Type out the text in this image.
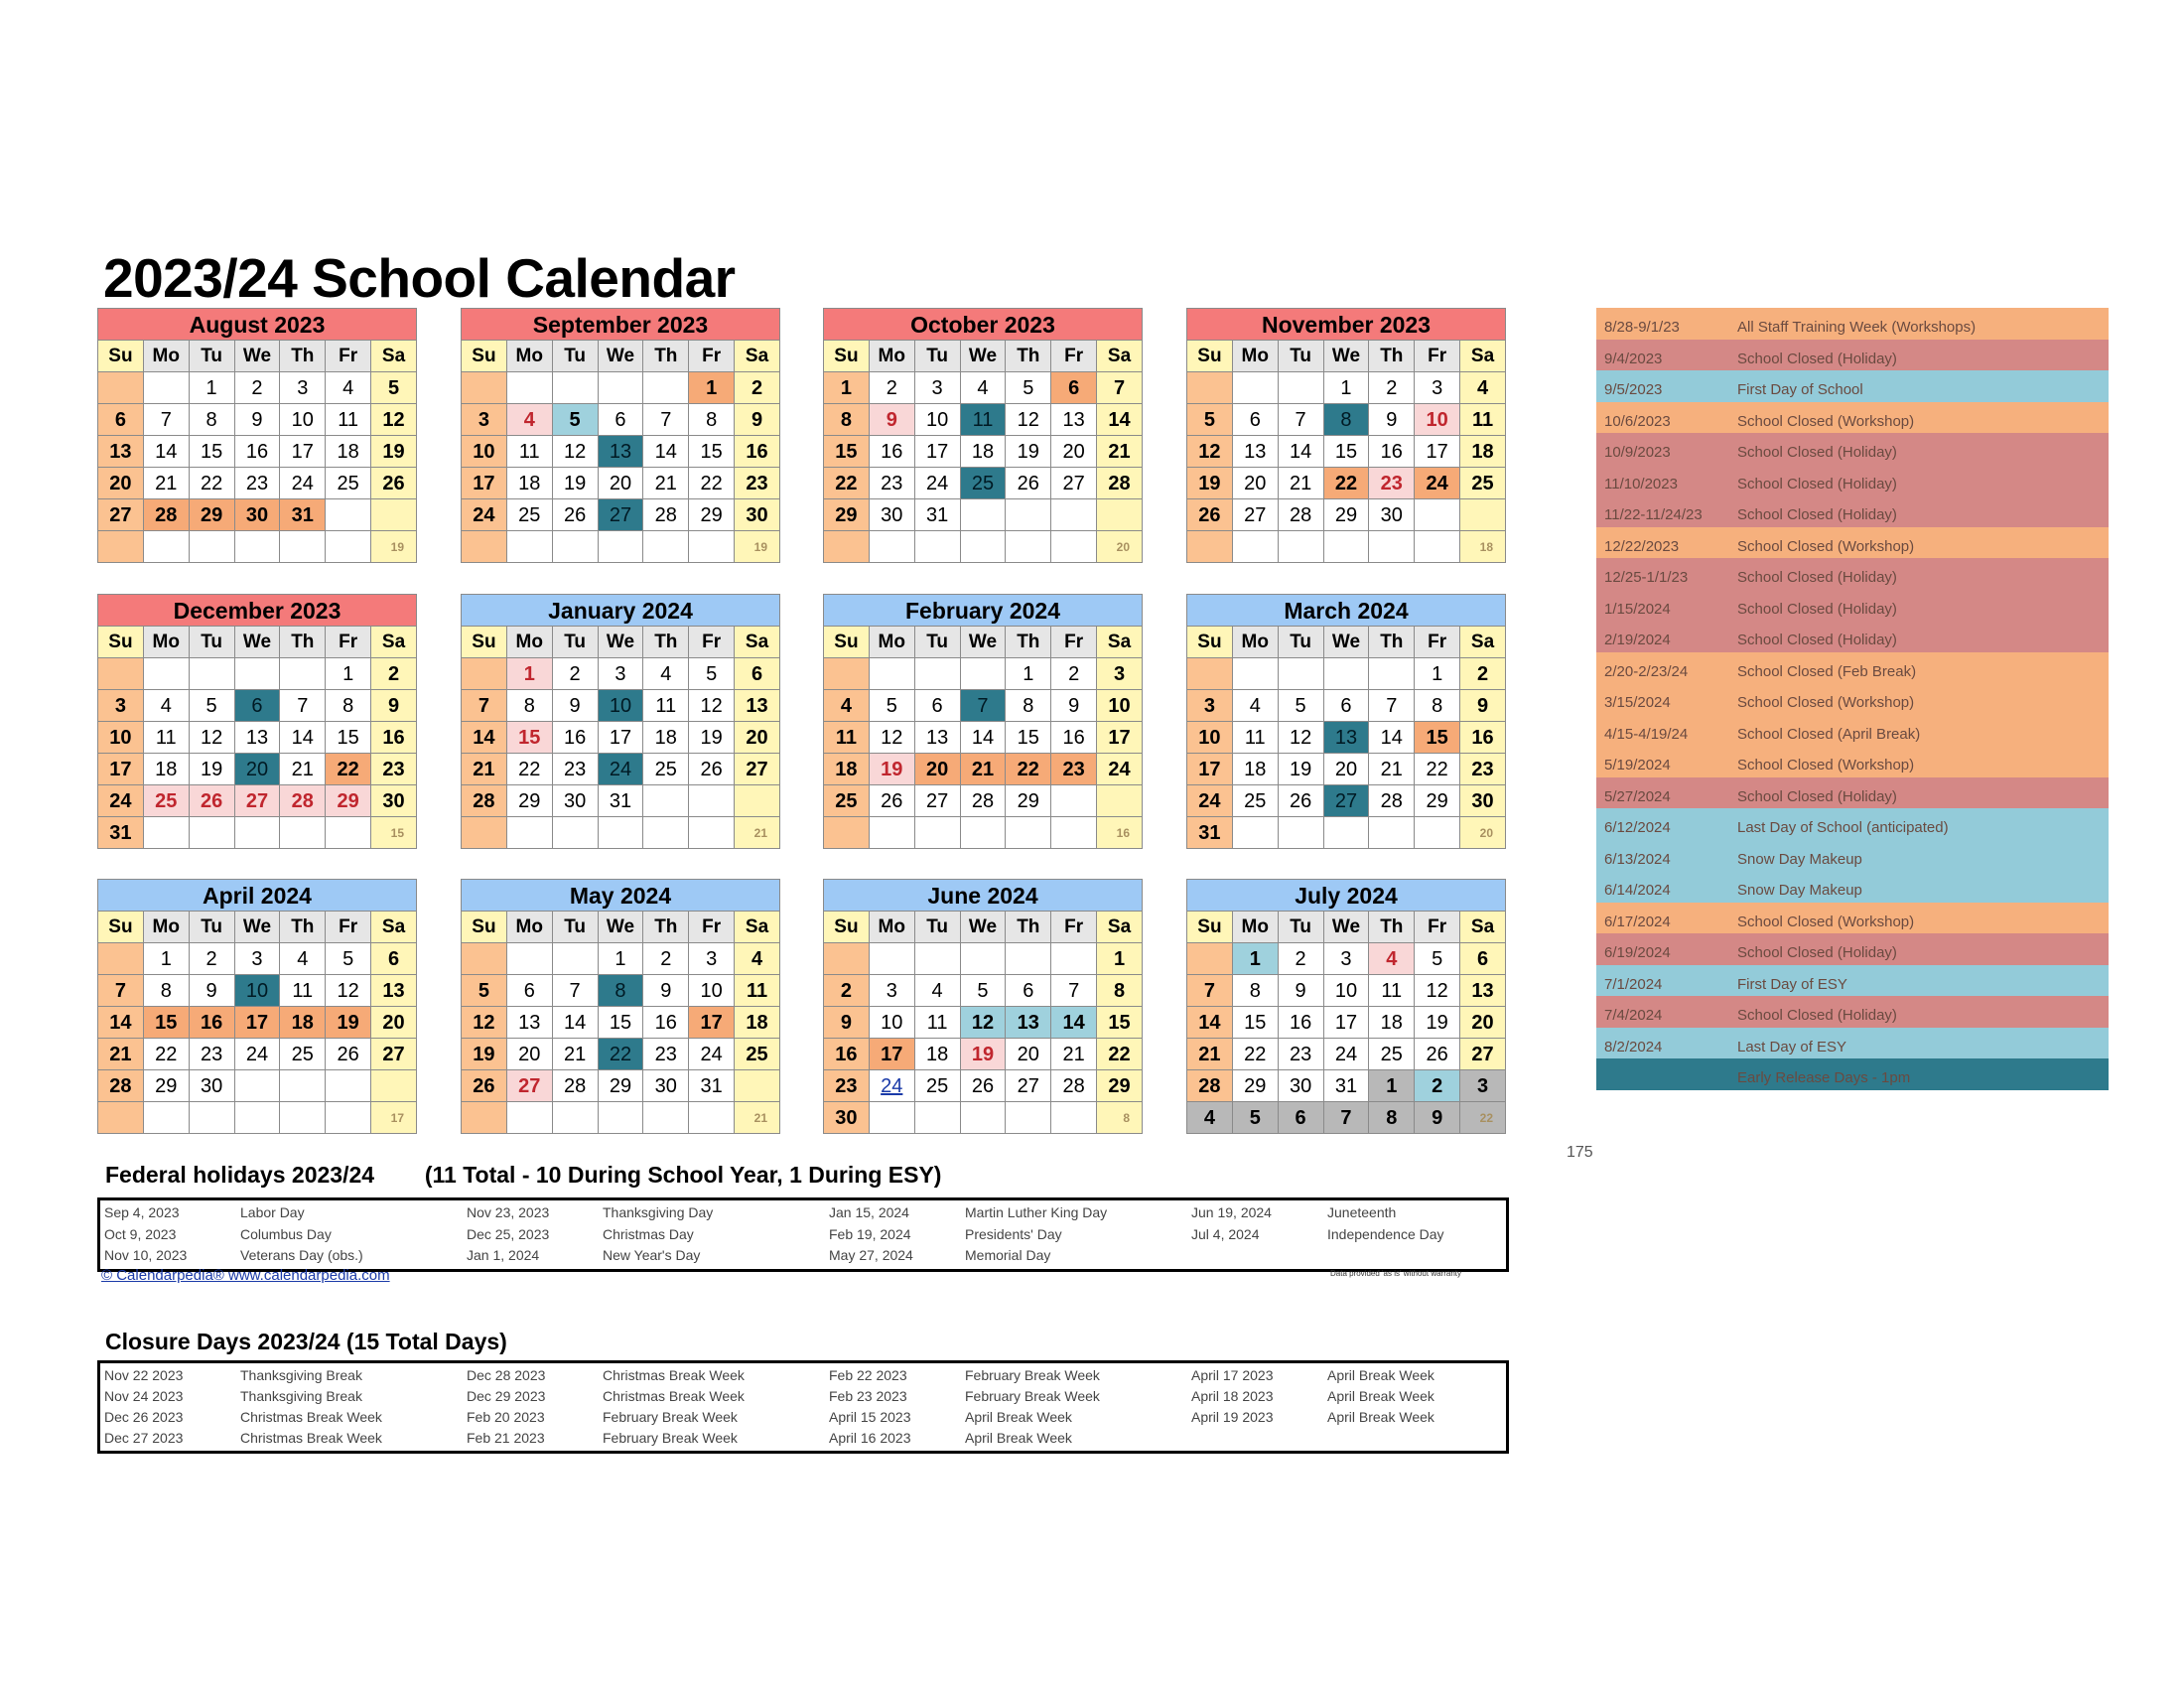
2023/24 School Calendar
August 2023						
Su	Mo	Tu	We	Th	Fr	Sa
		1	2	3	4	5
6	7	8	9	10	11	12
13	14	15	16	17	18	19
20	21	22	23	24	25	26
27	28	29	30	31		
						19
September 2023						
Su	Mo	Tu	We	Th	Fr	Sa
					1	2
3	4	5	6	7	8	9
10	11	12	13	14	15	16
17	18	19	20	21	22	23
24	25	26	27	28	29	30
						19
October 2023						
Su	Mo	Tu	We	Th	Fr	Sa
1	2	3	4	5	6	7
8	9	10	11	12	13	14
15	16	17	18	19	20	21
22	23	24	25	26	27	28
29	30	31				
						20
November 2023						
Su	Mo	Tu	We	Th	Fr	Sa
			1	2	3	4
5	6	7	8	9	10	11
12	13	14	15	16	17	18
19	20	21	22	23	24	25
26	27	28	29	30		
						18
December 2023						
Su	Mo	Tu	We	Th	Fr	Sa
					1	2
3	4	5	6	7	8	9
10	11	12	13	14	15	16
17	18	19	20	21	22	23
24	25	26	27	28	29	30
31						15
January 2024						
Su	Mo	Tu	We	Th	Fr	Sa
	1	2	3	4	5	6
7	8	9	10	11	12	13
14	15	16	17	18	19	20
21	22	23	24	25	26	27
28	29	30	31			
						21
February 2024						
Su	Mo	Tu	We	Th	Fr	Sa
				1	2	3
4	5	6	7	8	9	10
11	12	13	14	15	16	17
18	19	20	21	22	23	24
25	26	27	28	29		
						16
March 2024						
Su	Mo	Tu	We	Th	Fr	Sa
					1	2
3	4	5	6	7	8	9
10	11	12	13	14	15	16
17	18	19	20	21	22	23
24	25	26	27	28	29	30
31						20
April 2024						
Su	Mo	Tu	We	Th	Fr	Sa
	1	2	3	4	5	6
7	8	9	10	11	12	13
14	15	16	17	18	19	20
21	22	23	24	25	26	27
28	29	30				
						17
May 2024						
Su	Mo	Tu	We	Th	Fr	Sa
			1	2	3	4
5	6	7	8	9	10	11
12	13	14	15	16	17	18
19	20	21	22	23	24	25
26	27	28	29	30	31	
						21
June 2024						
Su	Mo	Tu	We	Th	Fr	Sa
						1
2	3	4	5	6	7	8
9	10	11	12	13	14	15
16	17	18	19	20	21	22
23	24	25	26	27	28	29
30						8
July 2024						
Su	Mo	Tu	We	Th	Fr	Sa
	1	2	3	4	5	6
7	8	9	10	11	12	13
14	15	16	17	18	19	20
21	22	23	24	25	26	27
28	29	30	31	1	2	3
4	5	6	7	8	9	22
8/28-9/1/23	All Staff Training Week (Workshops)
9/4/2023	School Closed (Holiday)
9/5/2023	First Day of School
10/6/2023	School Closed (Workshop)
10/9/2023	School Closed (Holiday)
11/10/2023	School Closed (Holiday)
11/22-11/24/23 School Closed (Holiday)
12/22/2023	School Closed (Workshop)
12/25-1/1/23	School Closed (Holiday)
1/15/2024	School Closed (Holiday)
2/19/2024	School Closed (Holiday)
2/20-2/23/24	School Closed (Feb Break)
3/15/2024	School Closed (Workshop)
4/15-4/19/24	School Closed (April Break)
5/19/2024	School Closed (Workshop)
5/27/2024	School Closed (Holiday)
6/12/2024	Last Day of School (anticipated)
6/13/2024	Snow Day Makeup
6/14/2024	Snow Day Makeup
6/17/2024	School Closed (Workshop)
6/19/2024	School Closed (Holiday)
7/1/2024	First Day of ESY
7/4/2024	School Closed (Holiday)
8/2/2024	Last Day of ESY
Early Release Days - 1pm
175
Federal holidays 2023/24 (11 Total - 10 During School Year, 1 During ESY)
Sep 4, 2023	Labor Day	Nov 23, 2023	Thanksgiving Day	Jan 15, 2024	Martin Luther King Day	Jun 19, 2024	Juneteenth
Oct 9, 2023	Columbus Day	Dec 25, 2023	Christmas Day	Feb 19, 2024	Presidents' Day	Jul 4, 2024	Independence Day
Nov 10, 2023	Veterans Day (obs.)	Jan 1, 2024	New Year's Day	May 27, 2024	Memorial Day
© Calendarpedia® www.calendarpedia.com	Data provided 'as is' without warranty
Closure Days 2023/24 (15 Total Days)
Nov 22 2023	Thanksgiving Break	Dec 28 2023	Christmas Break Week	Feb 22 2023	February Break Week	April 17 2023	April Break Week
Nov 24 2023	Thanksgiving Break	Dec 29 2023	Christmas Break Week	Feb 23 2023	February Break Week	April 18 2023	April Break Week
Dec 26 2023	Christmas Break Week	Feb 20 2023	February Break Week	April 15 2023	April Break Week	April 19 2023	April Break Week
Dec 27 2023	Christmas Break Week	Feb 21 2023	February Break Week	April 16 2023	April Break Week
